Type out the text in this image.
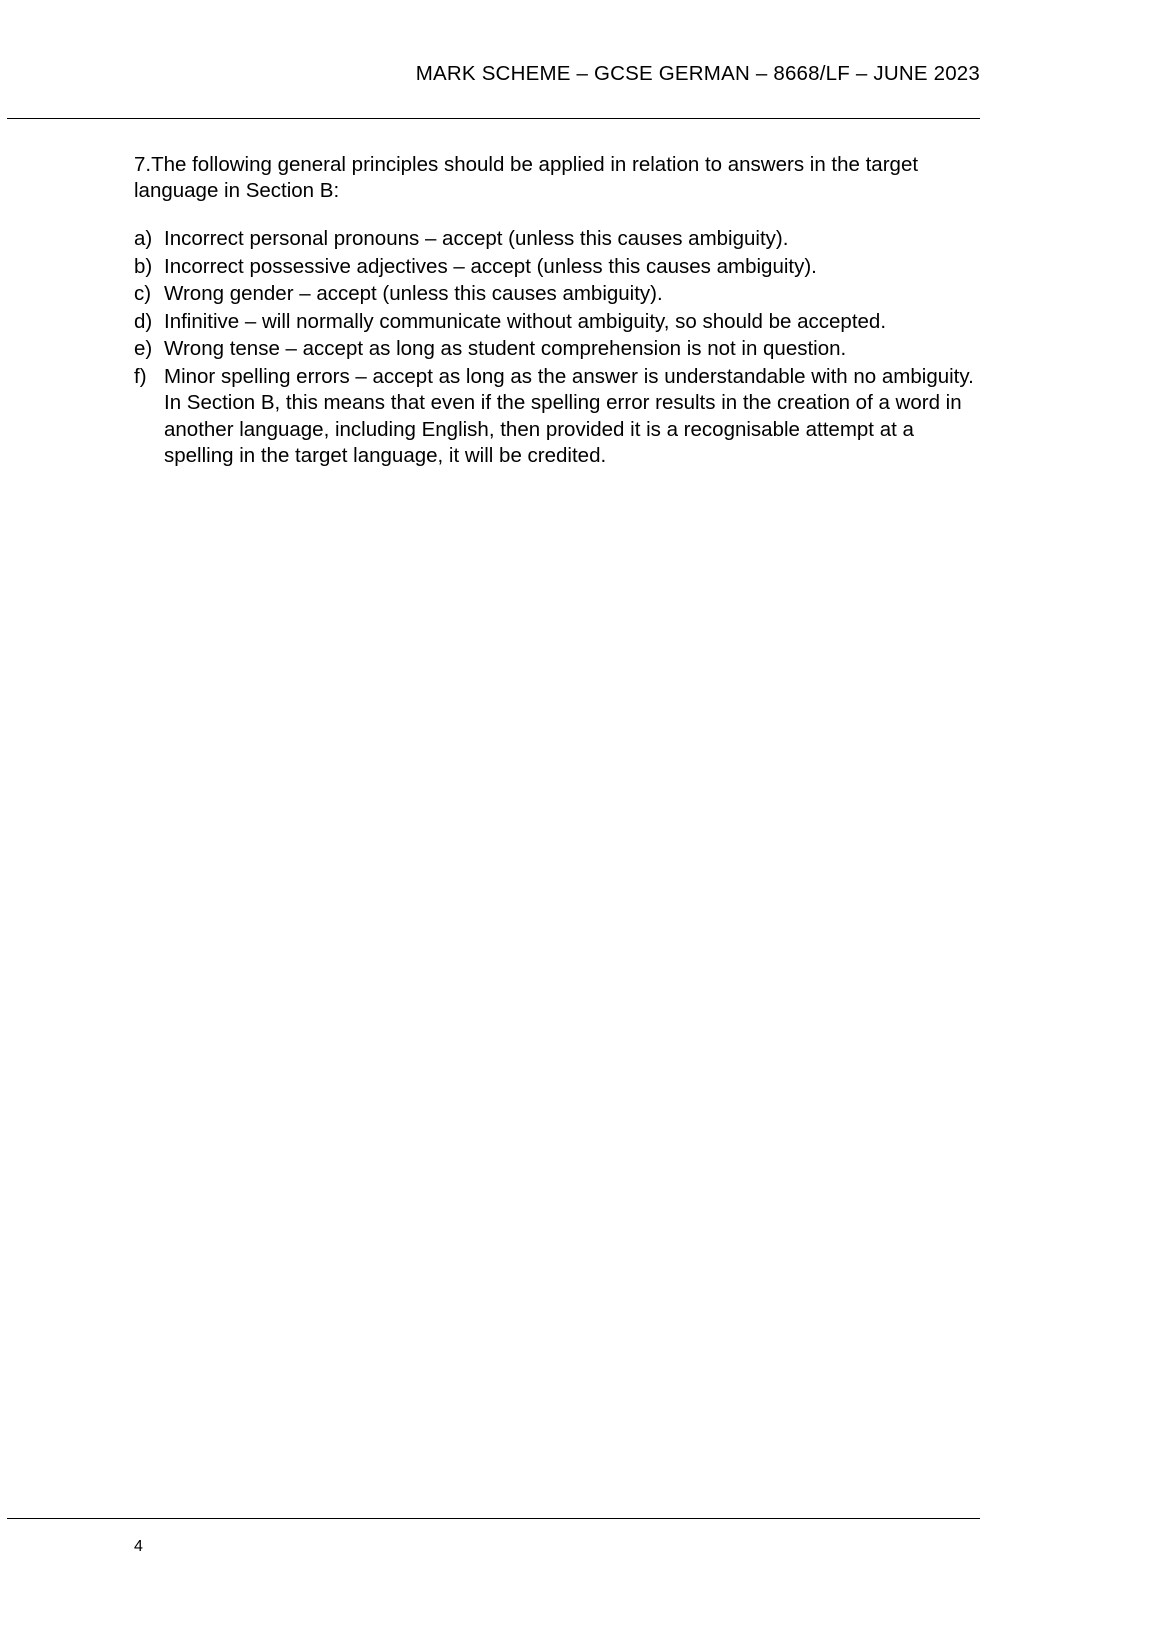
MARK SCHEME – GCSE GERMAN – 8668/LF – JUNE 2023

7.The following general principles should be applied in relation to answers in the target
language in Section B:

a) Incorrect personal pronouns – accept (unless this causes ambiguity).
b) Incorrect possessive adjectives – accept (unless this causes ambiguity).
c) Wrong gender – accept (unless this causes ambiguity).
d) Infinitive – will normally communicate without ambiguity, so should be accepted.
e) Wrong tense – accept as long as student comprehension is not in question.
f) Minor spelling errors – accept as long as the answer is understandable with no ambiguity. In Section B, this means that even if the spelling error results in the creation of a word in another language, including English, then provided it is a recognisable attempt at a spelling in the target language, it will be credited.
4
